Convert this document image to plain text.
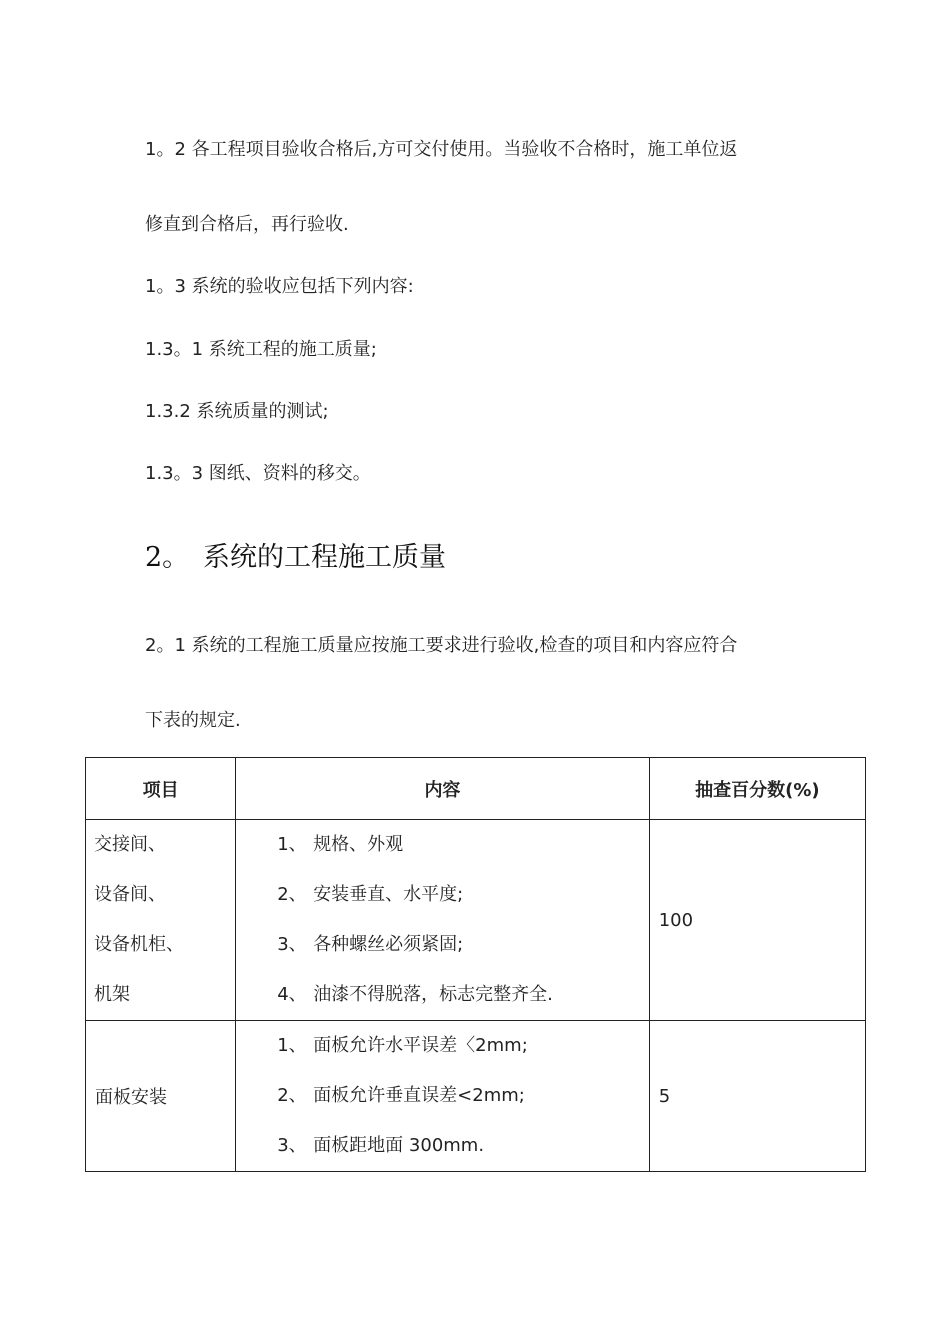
1。2 各工程项目验收合格后,方可交付使用。当验收不合格时，施工单位返

修直到合格后，再行验收.

1。3 系统的验收应包括下列内容:

1.3。1 系统工程的施工质量;

1.3.2 系统质量的测试;

1.3。3 图纸、资料的移交。

2。 系统的工程施工质量

2。1 系统的工程施工质量应按施工要求进行验收,检查的项目和内容应符合

下表的规定.

项目	内容	抽查百分数(%)

交接间、
设备间、
设备机柜、
机架	1、 规格、外观
2、 安装垂直、水平度;
3、 各种螺丝必须紧固;
4、 油漆不得脱落，标志完整齐全.	100
面板安装	1、 面板允许水平误差〈2mm;
2、 面板允许垂直误差<2mm;
3、 面板距地面 300mm.	5
